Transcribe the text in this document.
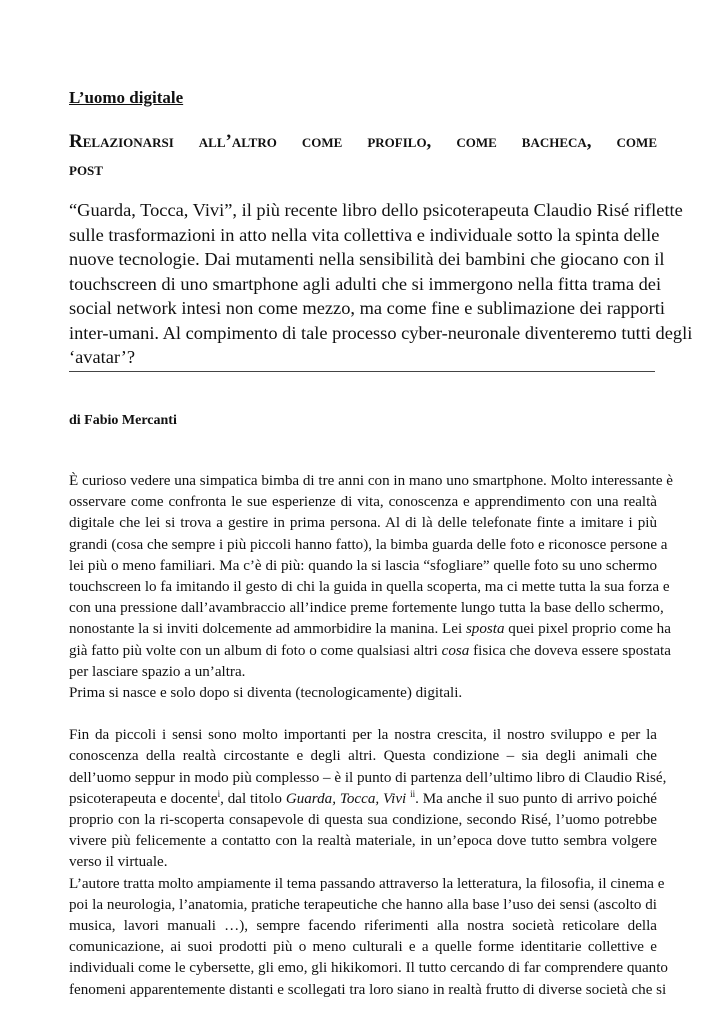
L’uomo digitale
Relazionarsi all’altro come profilo, come bacheca, come
post
“Guarda, Tocca, Vivi”, il più recente libro dello psicoterapeuta Claudio Risé riflette
sulle trasformazioni in atto nella vita collettiva e individuale sotto la spinta delle
nuove tecnologie. Dai mutamenti nella sensibilità dei bambini che giocano con il
touchscreen di uno smartphone agli adulti che si immergono nella fitta trama dei
social network intesi non come mezzo, ma come fine e sublimazione dei rapporti
inter-umani. Al compimento di tale processo cyber-neuronale diventeremo tutti degli
‘avatar’?
di Fabio Mercanti

È curioso vedere una simpatica bimba di tre anni con in mano uno smartphone. Molto interessante è
osservare come confronta le sue esperienze di vita, conoscenza e apprendimento con una realtà
digitale che lei si trova a gestire in prima persona. Al di là delle telefonate finte a imitare i più
grandi (cosa che sempre i più piccoli hanno fatto), la bimba guarda delle foto e riconosce persone a
lei più o meno familiari. Ma c’è di più: quando la si lascia “sfogliare” quelle foto su uno schermo
touchscreen lo fa imitando il gesto di chi la guida in quella scoperta, ma ci mette tutta la sua forza e
con una pressione dall’avambraccio all’indice preme fortemente lungo tutta la base dello schermo,
nonostante la si inviti dolcemente ad ammorbidire la manina. Lei sposta quei pixel proprio come ha
già fatto più volte con un album di foto o come qualsiasi altri cosa fisica che doveva essere spostata
per lasciare spazio a un’altra.
Prima si nasce e solo dopo si diventa (tecnologicamente) digitali.

Fin da piccoli i sensi sono molto importanti per la nostra crescita, il nostro sviluppo e per la
conoscenza della realtà circostante e degli altri. Questa condizione – sia degli animali che
dell’uomo seppur in modo più complesso – è il punto di partenza dell’ultimo libro di Claudio Risé,
psicoterapeuta e docente$^i$, dal titolo Guarda, Tocca, Vivi $^{ii}$. Ma anche il suo punto di arrivo poiché
proprio con la ri-scoperta consapevole di questa sua condizione, secondo Risé, l’uomo potrebbe
vivere più felicemente a contatto con la realtà materiale, in un’epoca dove tutto sembra volgere
verso il virtuale.

L’autore tratta molto ampiamente il tema passando attraverso la letteratura, la filosofia, il cinema e
poi la neurologia, l’anatomia, pratiche terapeutiche che hanno alla base l’uso dei sensi (ascolto di
musica, lavori manuali …), sempre facendo riferimenti alla nostra società reticolare della
comunicazione, ai suoi prodotti più o meno culturali e a quelle forme identitarie collettive e
individuali come le cybersette, gli emo, gli hikikomori. Il tutto cercando di far comprendere quanto
fenomeni apparentemente distanti e scollegati tra loro siano in realtà frutto di diverse società che si
